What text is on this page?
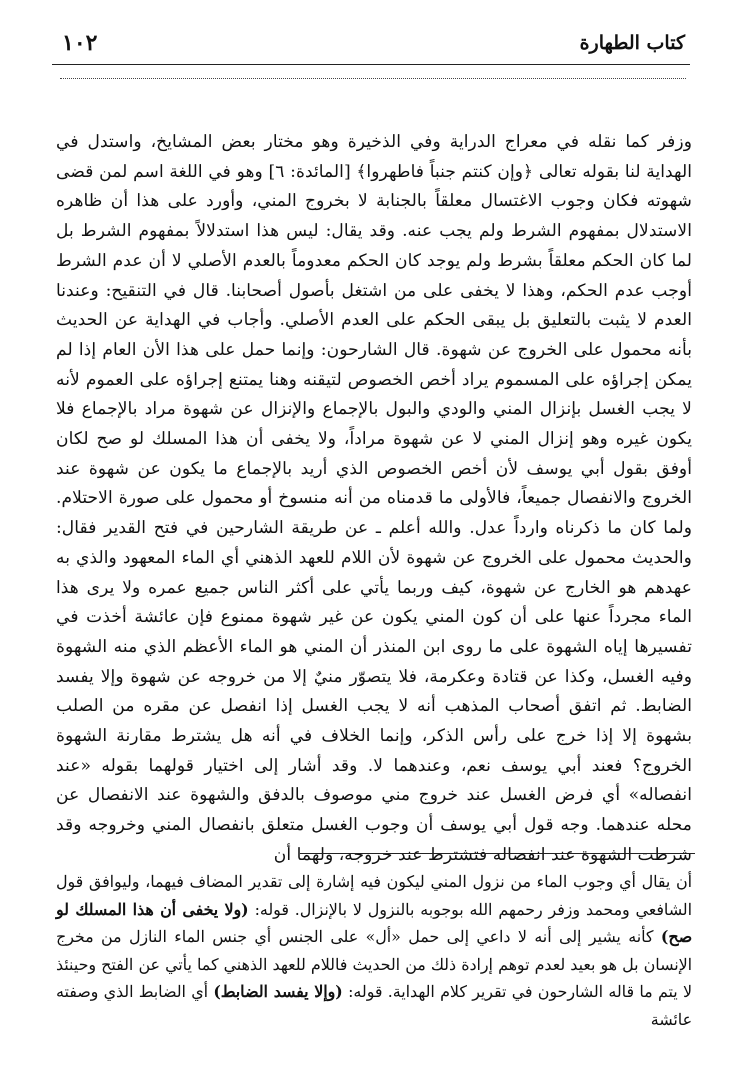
١٠٢	كتاب الطهارة

وزفر كما نقله في معراج الدراية وفي الذخيرة وهو مختار بعض المشايخ، واستدل في الهداية لنا بقوله تعالى ﴿وإن كنتم جنباً فاطهروا﴾ [المائدة: ٦] وهو في اللغة اسم لمن قضى شهوته فكان وجوب الاغتسال معلقاً بالجنابة لا بخروج المني، وأورد على هذا أن ظاهره الاستدلال بمفهوم الشرط ولم يجب عنه. وقد يقال: ليس هذا استدلالاً بمفهوم الشرط بل لما كان الحكم معلقاً بشرط ولم يوجد كان الحكم معدوماً بالعدم الأصلي لا أن عدم الشرط أوجب عدم الحكم، وهذا لا يخفى على من اشتغل بأصول أصحابنا. قال في التنقيح: وعندنا العدم لا يثبت بالتعليق بل يبقى الحكم على العدم الأصلي. وأجاب في الهداية عن الحديث بأنه محمول على الخروج عن شهوة. قال الشارحون: وإنما حمل على هذا الأن العام إذا لم يمكن إجراؤه على المسموم يراد أخص الخصوص لتيقنه وهنا يمتنع إجراؤه على العموم لأنه لا يجب الغسل بإنزال المني والودي والبول بالإجماع والإنزال عن شهوة مراد بالإجماع فلا يكون غيره وهو إنزال المني لا عن شهوة مراداً، ولا يخفى أن هذا المسلك لو صح لكان أوفق بقول أبي يوسف لأن أخص الخصوص الذي أريد بالإجماع ما يكون عن شهوة عند الخروج والانفصال جميعاً، فالأولى ما قدمناه من أنه منسوخ أو محمول على صورة الاحتلام. ولما كان ما ذكرناه وارداً عدل. والله أعلم ـ عن طريقة الشارحين في فتح القدير فقال: والحديث محمول على الخروج عن شهوة لأن اللام للعهد الذهني أي الماء المعهود والذي به عهدهم هو الخارج عن شهوة، كيف وربما يأتي على أكثر الناس جميع عمره ولا يرى هذا الماء مجرداً عنها على أن كون المني يكون عن غير شهوة ممنوع فإن عائشة أخذت في تفسيرها إياه الشهوة على ما روى ابن المنذر أن المني هو الماء الأعظم الذي منه الشهوة وفيه الغسل، وكذا عن قتادة وعكرمة، فلا يتصوّر منيٌ إلا من خروجه عن شهوة وإلا يفسد الضابط. ثم اتفق أصحاب المذهب أنه لا يجب الغسل إذا انفصل عن مقره من الصلب بشهوة إلا إذا خرج على رأس الذكر، وإنما الخلاف في أنه هل يشترط مقارنة الشهوة الخروج؟ فعند أبي يوسف نعم، وعندهما لا. وقد أشار إلى اختيار قولهما بقوله «عند انفصاله» أي فرض الغسل عند خروج مني موصوف بالدفق والشهوة عند الانفصال عن محله عندهما. وجه قول أبي يوسف أن وجوب الغسل متعلق بانفصال المني وخروجه وقد شرطت الشهوة عند انفصاله فتشترط عند خروجه، ولهما أن

أن يقال أي وجوب الماء من نزول المني ليكون فيه إشارة إلى تقدير المضاف فيهما، وليوافق قول الشافعي ومحمد وزفر رحمهم الله بوجوبه بالنزول لا بالإنزال. قوله: (ولا يخفى أن هذا المسلك لو صح) كأنه يشير إلى أنه لا داعي إلى حمل «أل» على الجنس أي جنس الماء النازل من مخرج الإنسان بل هو بعيد لعدم توهم إرادة ذلك من الحديث فاللام للعهد الذهني كما يأتي عن الفتح وحينئذ لا يتم ما قاله الشارحون في تقرير كلام الهداية. قوله: (وإلا يفسد الضابط) أي الضابط الذي وصفته عائشة
